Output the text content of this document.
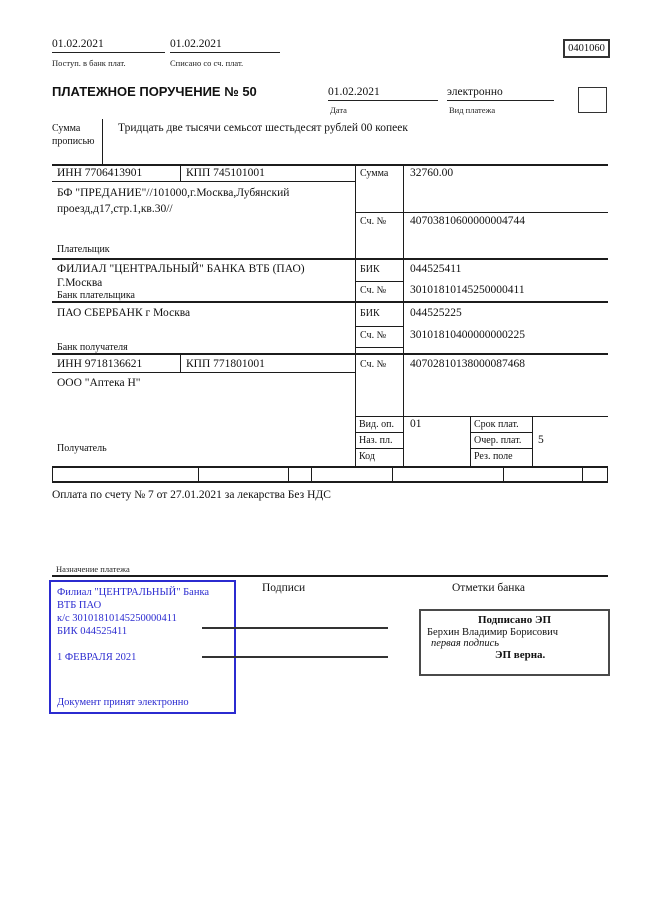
01.02.2021
Поступ. в банк плат.
01.02.2021
Списано со сч. плат.
0401060
ПЛАТЕЖНОЕ ПОРУЧЕНИЕ № 50	01.02.2021
Дата
электронно
Вид платежа
Сумма прописью
Тридцать две тысячи семьсот шестьдесят рублей 00 копеек
ИНН 7706413901	КПП 745101001
БФ "ПРЕДАНИЕ"//101000,г.Москва,Лубянский проезд,д17,стр.1,кв.30//
Плательщик
Сумма 32760.00
Сч. № 40703810600000004744
ФИЛИАЛ "ЦЕНТРАЛЬНЫЙ" БАНКА ВТБ (ПАО)
Г.Москва
Банк плательщика
БИК	044525411
Сч. № 30101810145250000411
ПАО СБЕРБАНК г Москва
Банк получателя
БИК	044525225
Сч. № 30101810400000000225
ИНН 9718136621	КПП 771801001	Сч. № 40702810138000087468
ООО "Аптека Н"
Получатель
Вид. оп. 01
Наз. пл.
Код
Срок плат.
Очер. плат. 5
Рез. поле
Оплата по счету № 7 от 27.01.2021 за лекарства Без НДС
Назначение платежа
Филиал "ЦЕНТРАЛЬНЫЙ" Банка
ВТБ ПАО
к/с 30101810145250000411
БИК 044525411
1 ФЕВРАЛЯ 2021
Документ принят электронно
Подписи	Отметки банка
Подписано ЭП
Берхин Владимир Борисович
первая подпись
ЭП верна.
